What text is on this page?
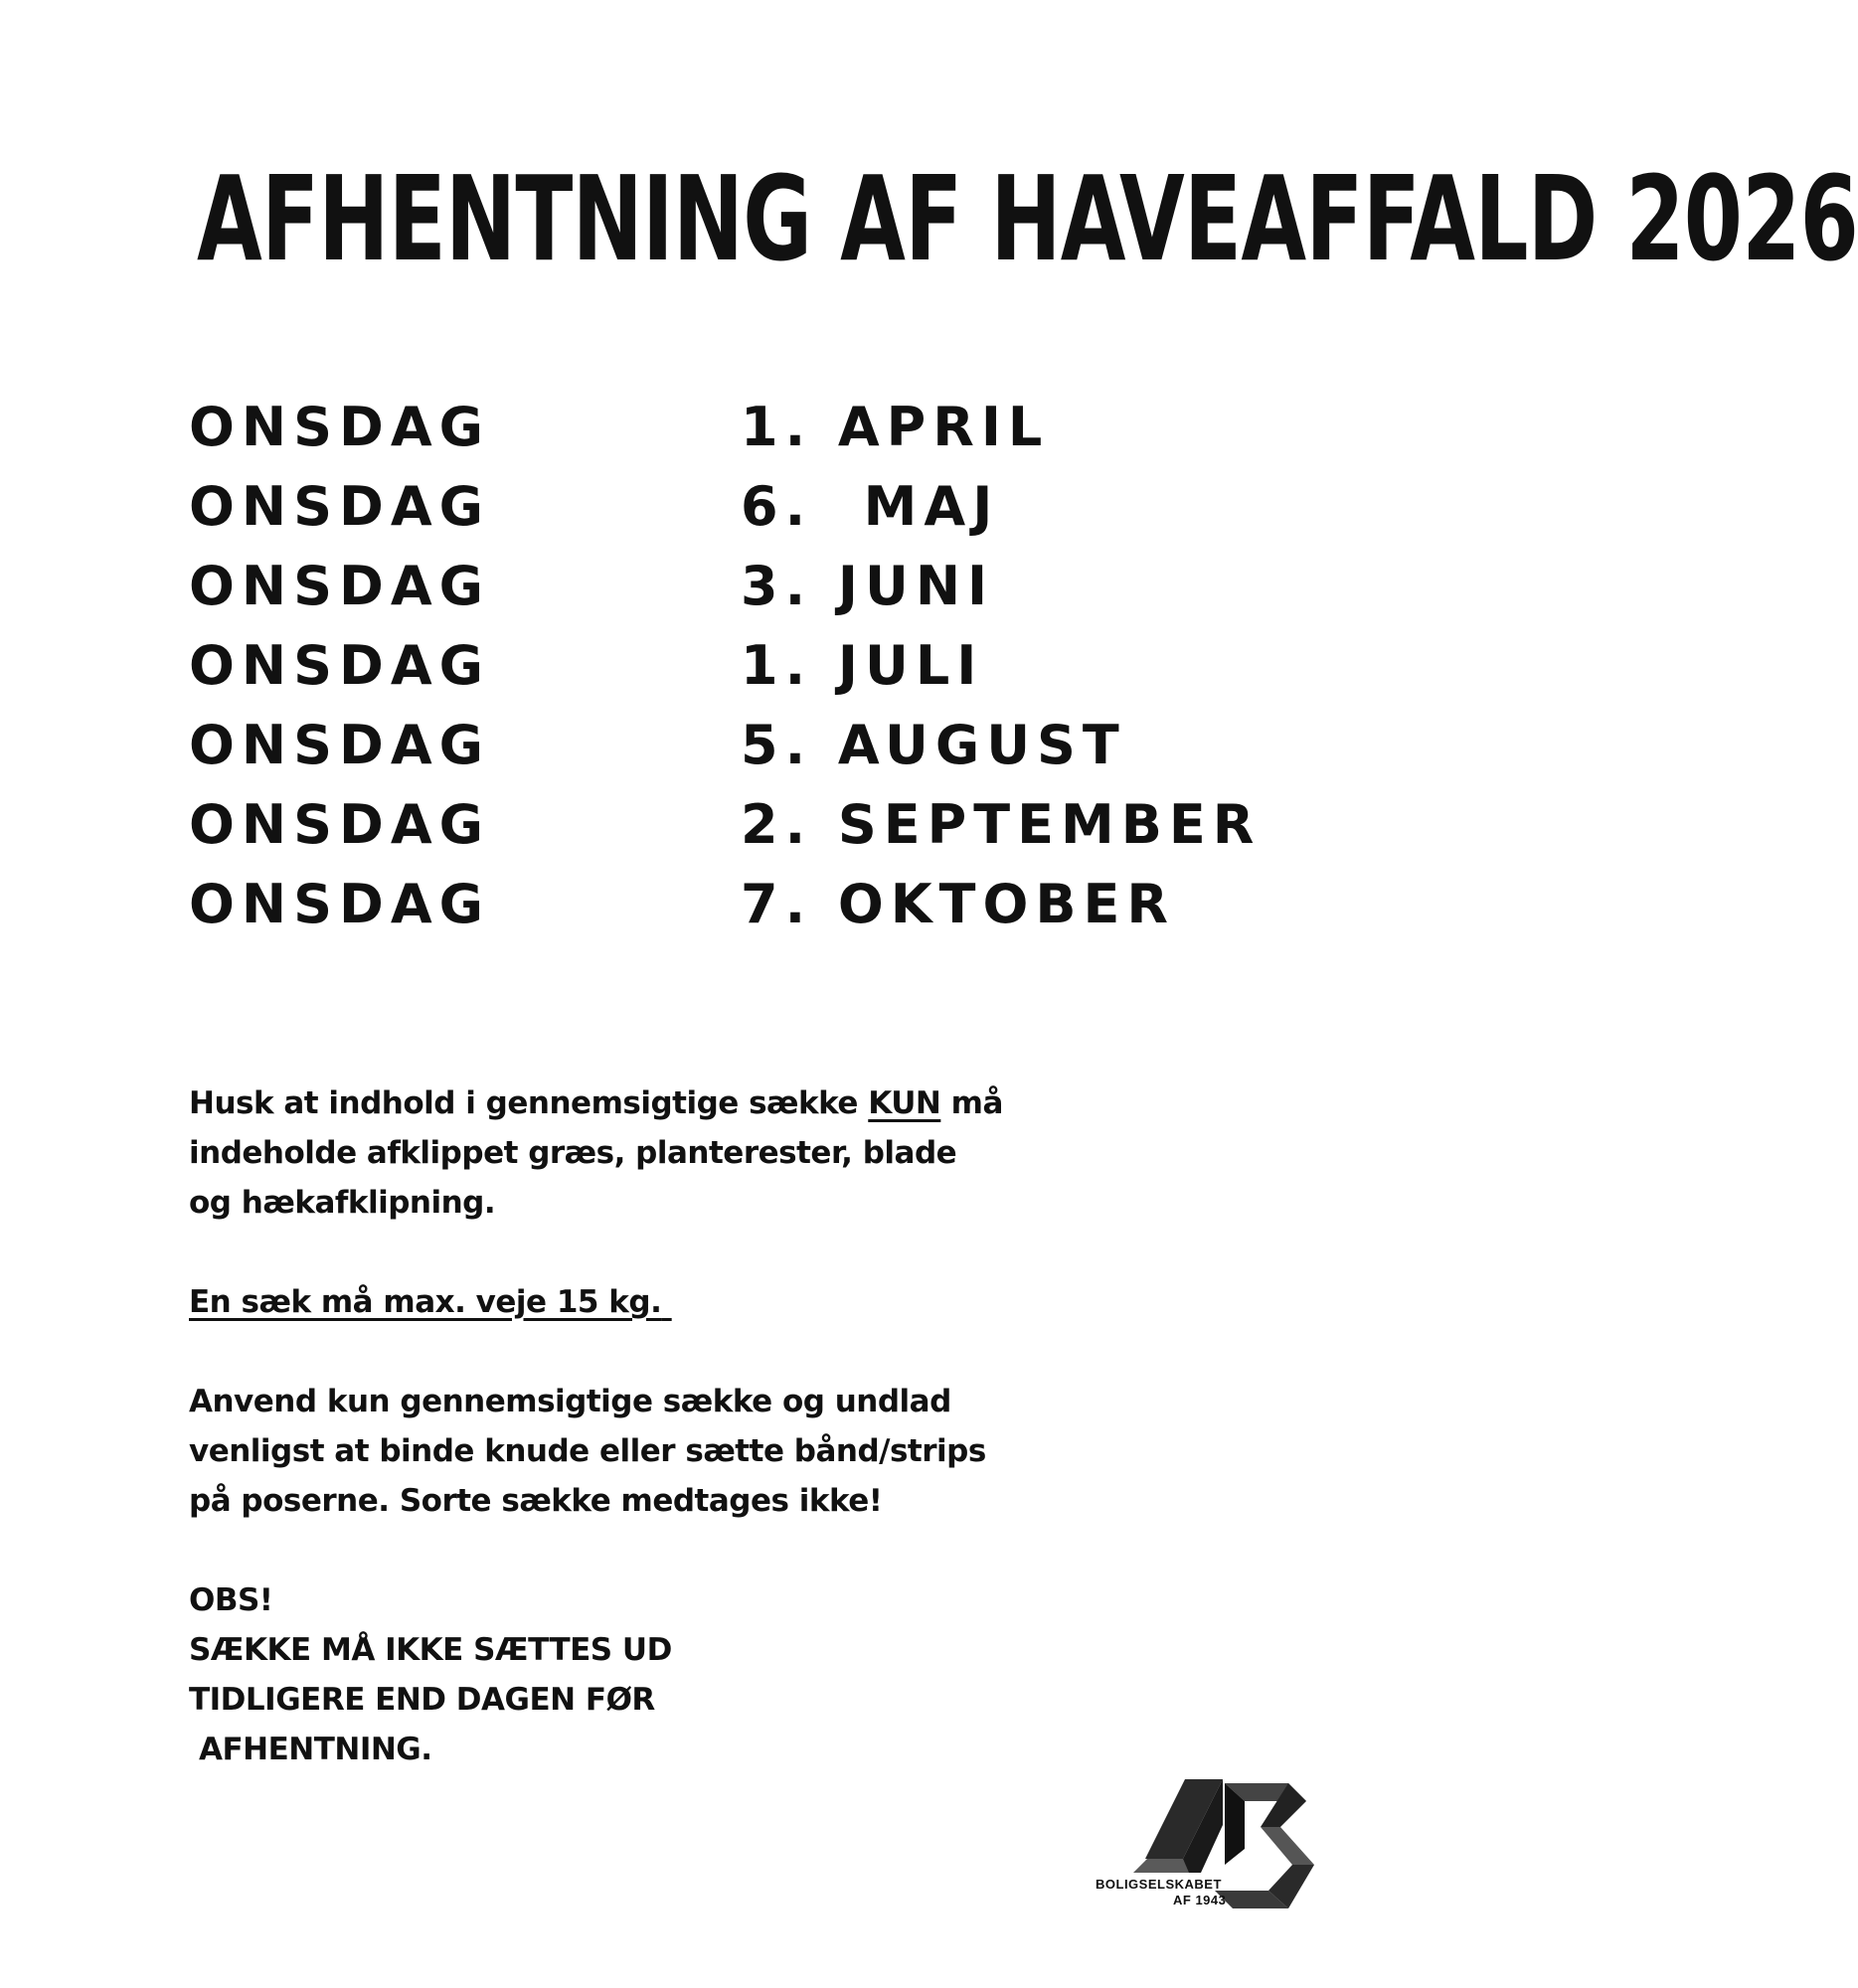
AFHENTNING AF HAVEAFFALD 2026
ONSDAG	1. APRIL
ONSDAG	6.  MAJ
ONSDAG	3. JUNI
ONSDAG	1. JULI
ONSDAG	5. AUGUST
ONSDAG	2. SEPTEMBER
ONSDAG	7. OKTOBER

Husk at indhold i gennemsigtige sække KUN må
indeholde afklippet græs, planterester, blade
og hækafklipning.

En sæk må max. veje 15 kg.

Anvend kun gennemsigtige sække og undlad
venligst at binde knude eller sætte bånd/strips
på poserne. Sorte sække medtages ikke!

OBS!
SÆKKE MÅ IKKE SÆTTES UD
TIDLIGERE END DAGEN FØR
AFHENTNING.

BOLIGSELSKABET
AF 1943
